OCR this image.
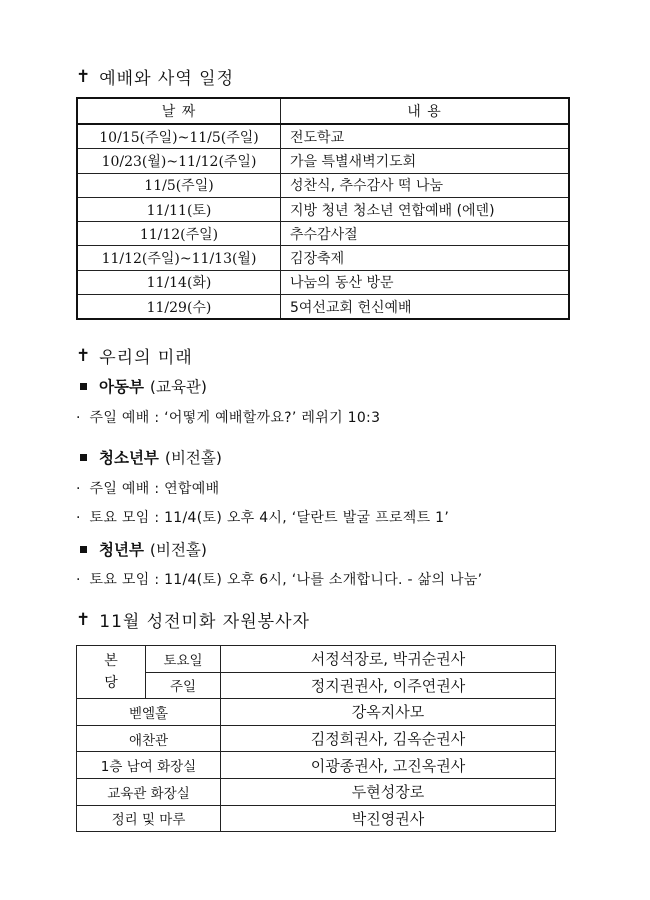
✝ 예배와 사역 일정
날 짜	내 용
10/15(주일)~11/5(주일)	전도학교
10/23(월)~11/12(주일)	가을 특별새벽기도회
11/5(주일)	성찬식, 추수감사 떡 나눔
11/11(토)	지방 청년 청소년 연합예배 (에덴)
11/12(주일)	추수감사절
11/12(주일)~11/13(월)	김장축제
11/14(화)	나눔의 동산 방문
11/29(수)	5여선교회 헌신예배
✝ 우리의 미래
아동부 (교육관)
· 주일 예배 : ‘어떻게 예배할까요?’ 레위기 10:3
청소년부 (비전홀)
· 주일 예배 : 연합예배
· 토요 모임 : 11/4(토) 오후 4시, ‘달란트 발굴 프로젝트 1’
청년부 (비전홀)
· 토요 모임 : 11/4(토) 오후 6시, ‘나를 소개합니다. - 삶의 나눔’
✝ 11월 성전미화 자원봉사자
본
당	토요일	서정석장로, 박귀순권사
	주일	정지권권사, 이주연권사
벧엘홀		강옥지사모
애찬관		김정희권사, 김옥순권사
1층 남여 화장실		이광종권사, 고진옥권사
교육관 화장실		두현성장로
정리 및 마루		박진영권사
